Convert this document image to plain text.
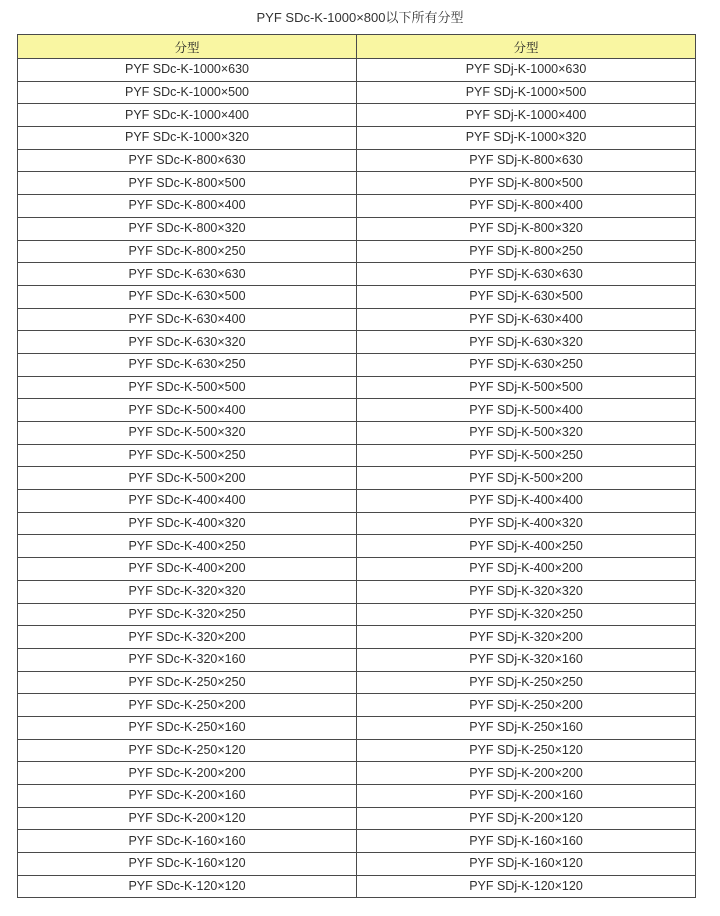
PYF SDc-K-1000×800以下所有分型
分型	分型
PYF SDc-K-1000×630	PYF SDj-K-1000×630
PYF SDc-K-1000×500	PYF SDj-K-1000×500
PYF SDc-K-1000×400	PYF SDj-K-1000×400
PYF SDc-K-1000×320	PYF SDj-K-1000×320
PYF SDc-K-800×630	PYF SDj-K-800×630
PYF SDc-K-800×500	PYF SDj-K-800×500
PYF SDc-K-800×400	PYF SDj-K-800×400
PYF SDc-K-800×320	PYF SDj-K-800×320
PYF SDc-K-800×250	PYF SDj-K-800×250
PYF SDc-K-630×630	PYF SDj-K-630×630
PYF SDc-K-630×500	PYF SDj-K-630×500
PYF SDc-K-630×400	PYF SDj-K-630×400
PYF SDc-K-630×320	PYF SDj-K-630×320
PYF SDc-K-630×250	PYF SDj-K-630×250
PYF SDc-K-500×500	PYF SDj-K-500×500
PYF SDc-K-500×400	PYF SDj-K-500×400
PYF SDc-K-500×320	PYF SDj-K-500×320
PYF SDc-K-500×250	PYF SDj-K-500×250
PYF SDc-K-500×200	PYF SDj-K-500×200
PYF SDc-K-400×400	PYF SDj-K-400×400
PYF SDc-K-400×320	PYF SDj-K-400×320
PYF SDc-K-400×250	PYF SDj-K-400×250
PYF SDc-K-400×200	PYF SDj-K-400×200
PYF SDc-K-320×320	PYF SDj-K-320×320
PYF SDc-K-320×250	PYF SDj-K-320×250
PYF SDc-K-320×200	PYF SDj-K-320×200
PYF SDc-K-320×160	PYF SDj-K-320×160
PYF SDc-K-250×250	PYF SDj-K-250×250
PYF SDc-K-250×200	PYF SDj-K-250×200
PYF SDc-K-250×160	PYF SDj-K-250×160
PYF SDc-K-250×120	PYF SDj-K-250×120
PYF SDc-K-200×200	PYF SDj-K-200×200
PYF SDc-K-200×160	PYF SDj-K-200×160
PYF SDc-K-200×120	PYF SDj-K-200×120
PYF SDc-K-160×160	PYF SDj-K-160×160
PYF SDc-K-160×120	PYF SDj-K-160×120
PYF SDc-K-120×120	PYF SDj-K-120×120
